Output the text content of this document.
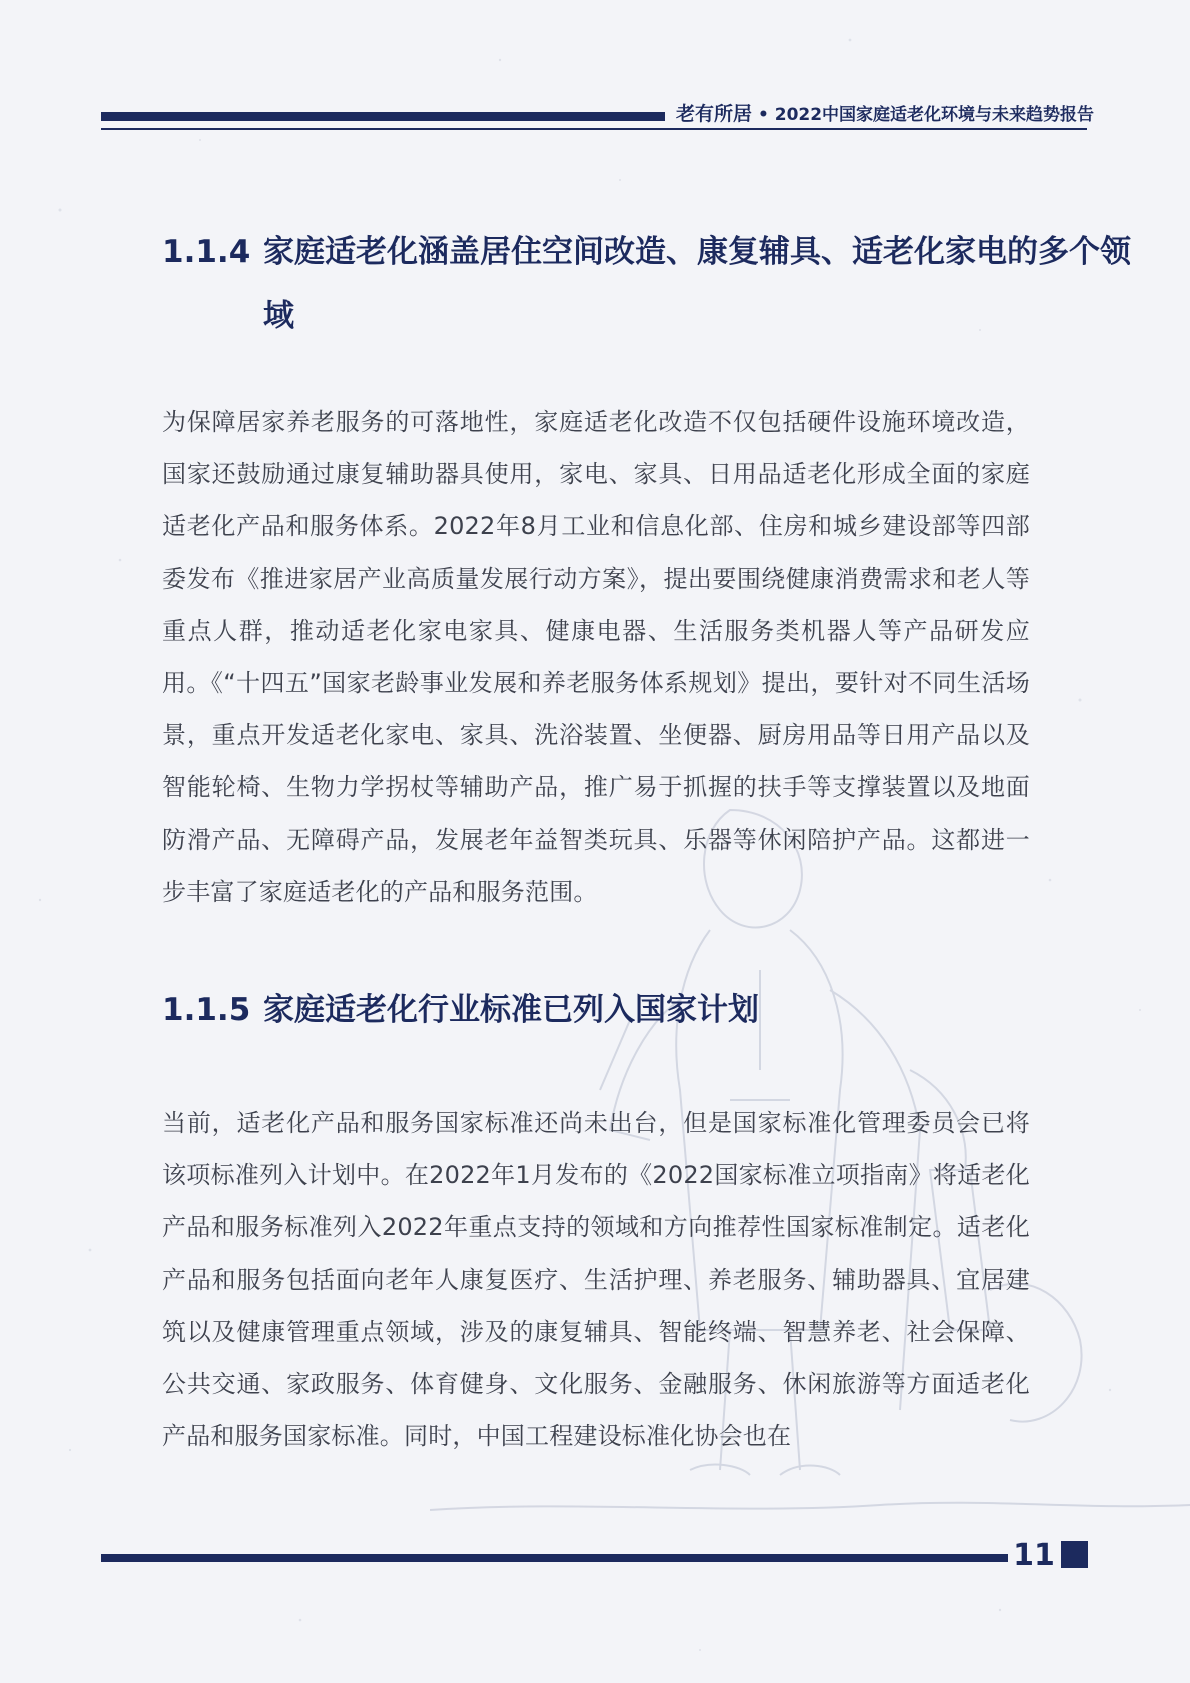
老有所居 • 2022中国家庭适老化环境与未来趋势报告
1.1.4 家庭适老化涵盖居住空间改造、康复辅具、适老化家电的多个领域
为保障居家养老服务的可落地性，家庭适老化改造不仅包括硬件设施环境改造，国家还鼓励通过康复辅助器具使用，家电、家具、日用品适老化形成全面的家庭适老化产品和服务体系。2022年8月工业和信息化部、住房和城乡建设部等四部委发布《推进家居产业高质量发展行动方案》，提出要围绕健康消费需求和老人等重点人群，推动适老化家电家具、健康电器、生活服务类机器人等产品研发应用。《“十四五”国家老龄事业发展和养老服务体系规划》提出，要针对不同生活场景，重点开发适老化家电、家具、洗浴装置、坐便器、厨房用品等日用产品以及智能轮椅、生物力学拐杖等辅助产品，推广易于抓握的扶手等支撑装置以及地面防滑产品、无障碍产品，发展老年益智类玩具、乐器等休闲陪护产品。这都进一步丰富了家庭适老化的产品和服务范围。
1.1.5 家庭适老化行业标准已列入国家计划
当前，适老化产品和服务国家标准还尚未出台，但是国家标准化管理委员会已将该项标准列入计划中。在2022年1月发布的《2022国家标准立项指南》将适老化产品和服务标准列入2022年重点支持的领域和方向推荐性国家标准制定。适老化产品和服务包括面向老年人康复医疗、生活护理、养老服务、辅助器具、宜居建筑以及健康管理重点领域，涉及的康复辅具、智能终端、智慧养老、社会保障、公共交通、家政服务、体育健身、文化服务、金融服务、休闲旅游等方面适老化产品和服务国家标准。同时，中国工程建设标准化协会也在
11
